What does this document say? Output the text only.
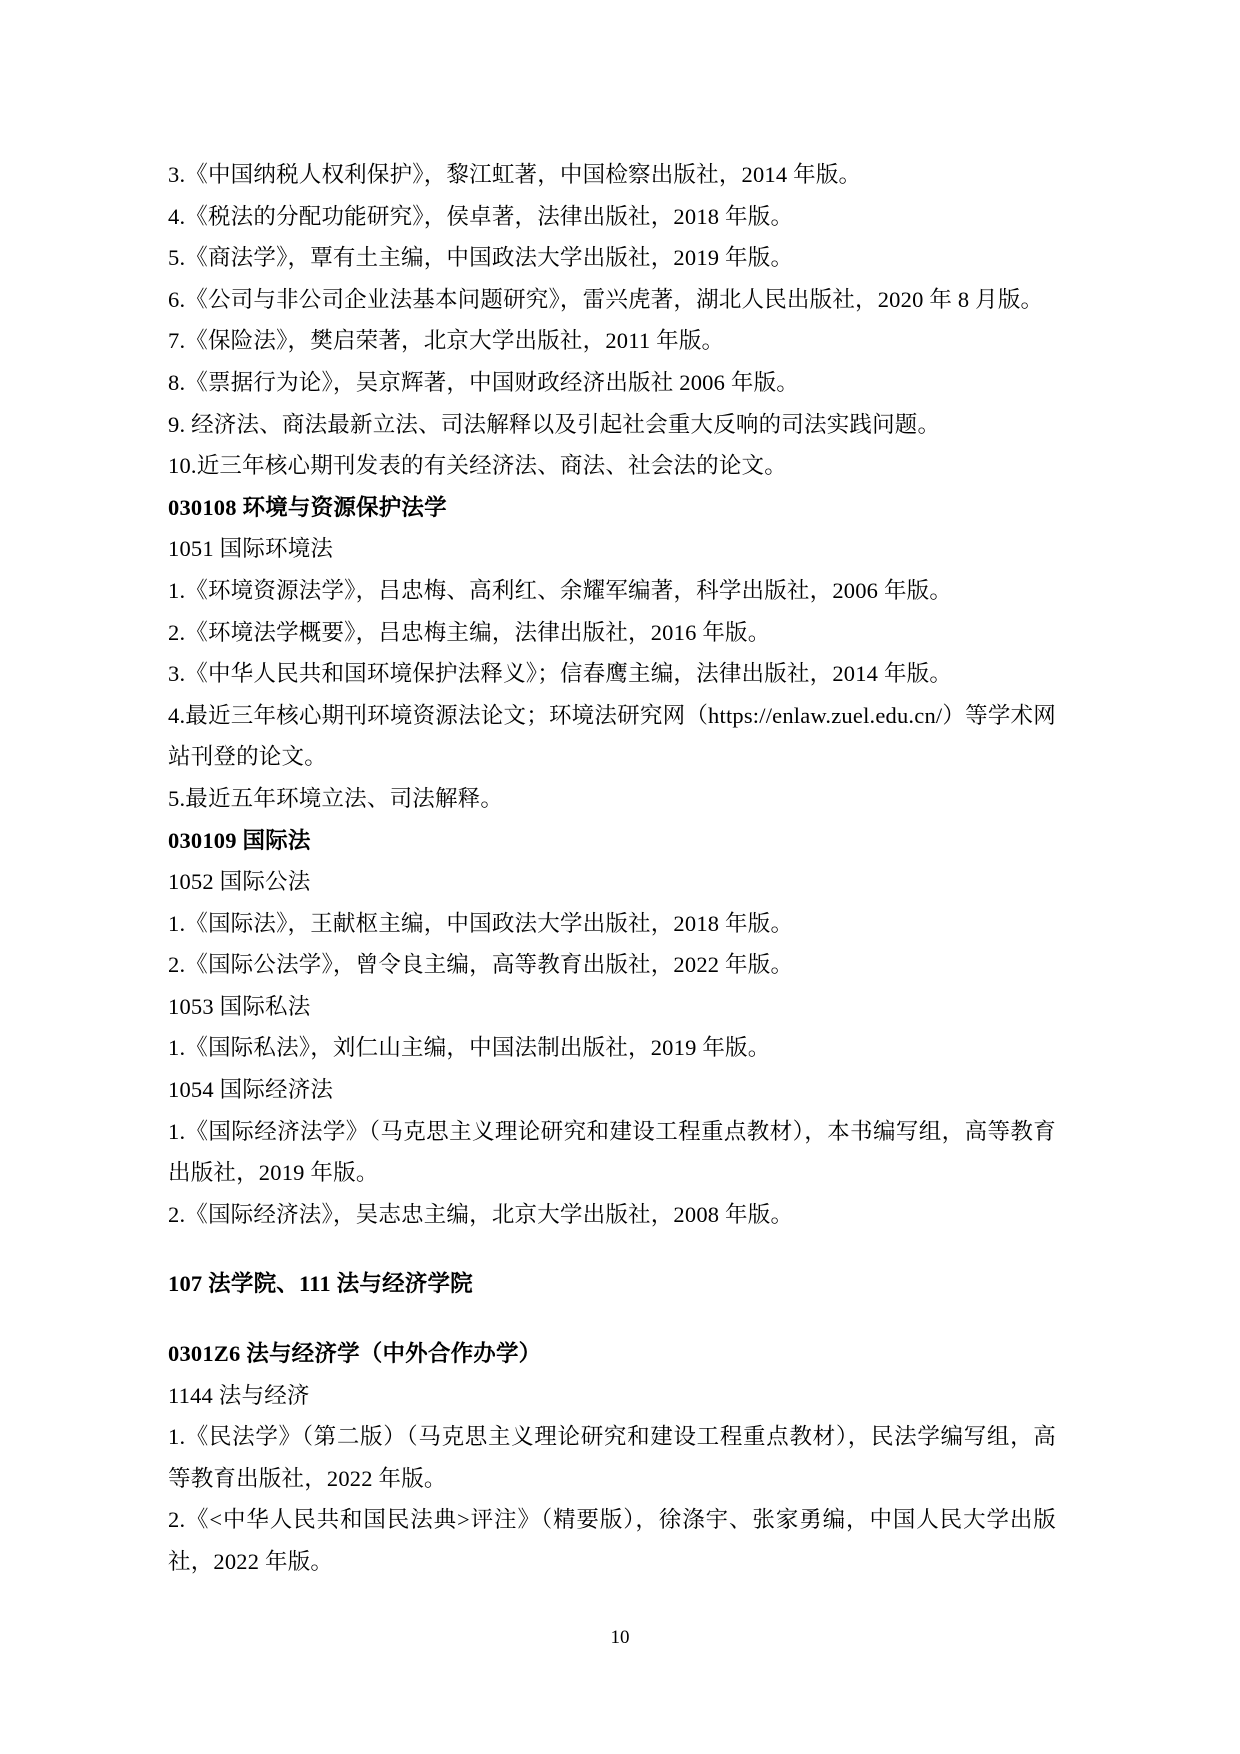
3.《中国纳税人权利保护》，黎江虹著，中国检察出版社，2014 年版。

4.《税法的分配功能研究》，侯卓著，法律出版社，2018 年版。

5.《商法学》，覃有土主编，中国政法大学出版社，2019 年版。

6.《公司与非公司企业法基本问题研究》，雷兴虎著，湖北人民出版社，2020 年 8 月版。

7.《保险法》，樊启荣著，北京大学出版社，2011 年版。

8.《票据行为论》，吴京辉著，中国财政经济出版社 2006 年版。

9. 经济法、商法最新立法、司法解释以及引起社会重大反响的司法实践问题。

10.近三年核心期刊发表的有关经济法、商法、社会法的论文。

030108 环境与资源保护法学

1051 国际环境法

1.《环境资源法学》，吕忠梅、高利红、余耀军编著，科学出版社，2006 年版。

2.《环境法学概要》，吕忠梅主编，法律出版社，2016 年版。

3.《中华人民共和国环境保护法释义》；信春鹰主编，法律出版社，2014 年版。

4.最近三年核心期刊环境资源法论文；环境法研究网（https://enlaw.zuel.edu.cn/）等学术网站刊登的论文。

5.最近五年环境立法、司法解释。

030109 国际法

1052 国际公法

1.《国际法》，王献枢主编，中国政法大学出版社，2018 年版。

2.《国际公法学》，曾令良主编，高等教育出版社，2022 年版。

1053 国际私法

1.《国际私法》，刘仁山主编，中国法制出版社，2019 年版。

1054 国际经济法

1.《国际经济法学》（马克思主义理论研究和建设工程重点教材），本书编写组，高等教育出版社，2019 年版。

2.《国际经济法》，吴志忠主编，北京大学出版社，2008 年版。

107 法学院、111 法与经济学院

0301Z6 法与经济学（中外合作办学）

1144 法与经济

1.《民法学》（第二版）（马克思主义理论研究和建设工程重点教材），民法学编写组，高等教育出版社，2022 年版。

2.《<中华人民共和国民法典>评注》（精要版），徐涤宇、张家勇编，中国人民大学出版社，2022 年版。

10
